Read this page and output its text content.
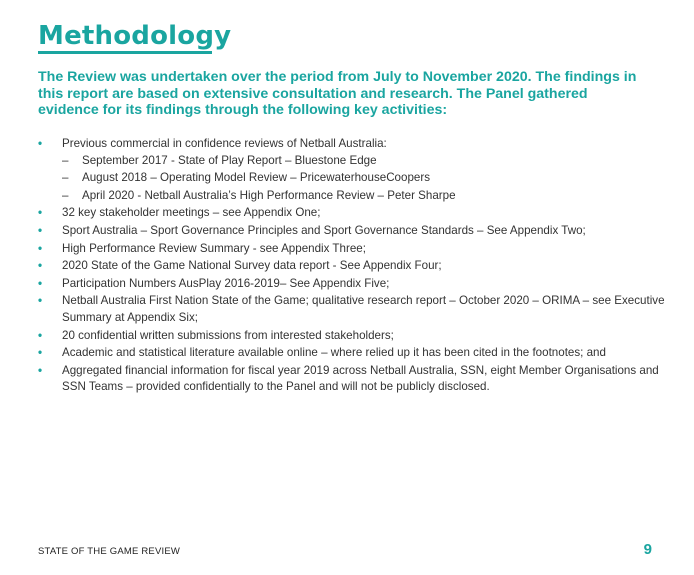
Methodology

The Review was undertaken over the period from July to November 2020. The findings in this report are based on extensive consultation and research. The Panel gathered evidence for its findings through the following key activities:

• Previous commercial in confidence reviews of Netball Australia:
– September 2017 - State of Play Report – Bluestone Edge
– August 2018 – Operating Model Review – PricewaterhouseCoopers
– April 2020 - Netball Australia’s High Performance Review – Peter Sharpe
• 32 key stakeholder meetings – see Appendix One;
• Sport Australia – Sport Governance Principles and Sport Governance Standards – See Appendix Two;
• High Performance Review Summary - see Appendix Three;
• 2020 State of the Game National Survey data report - See Appendix Four;
• Participation Numbers AusPlay 2016-2019– See Appendix Five;
• Netball Australia First Nation State of the Game; qualitative research report – October 2020 – ORIMA – see Executive Summary at Appendix Six;
• 20 confidential written submissions from interested stakeholders;
• Academic and statistical literature available online – where relied up it has been cited in the footnotes; and
• Aggregated financial information for fiscal year 2019 across Netball Australia, SSN, eight Member Organisations and SSN Teams – provided confidentially to the Panel and will not be publicly disclosed.
STATE OF THE GAME REVIEW	9
